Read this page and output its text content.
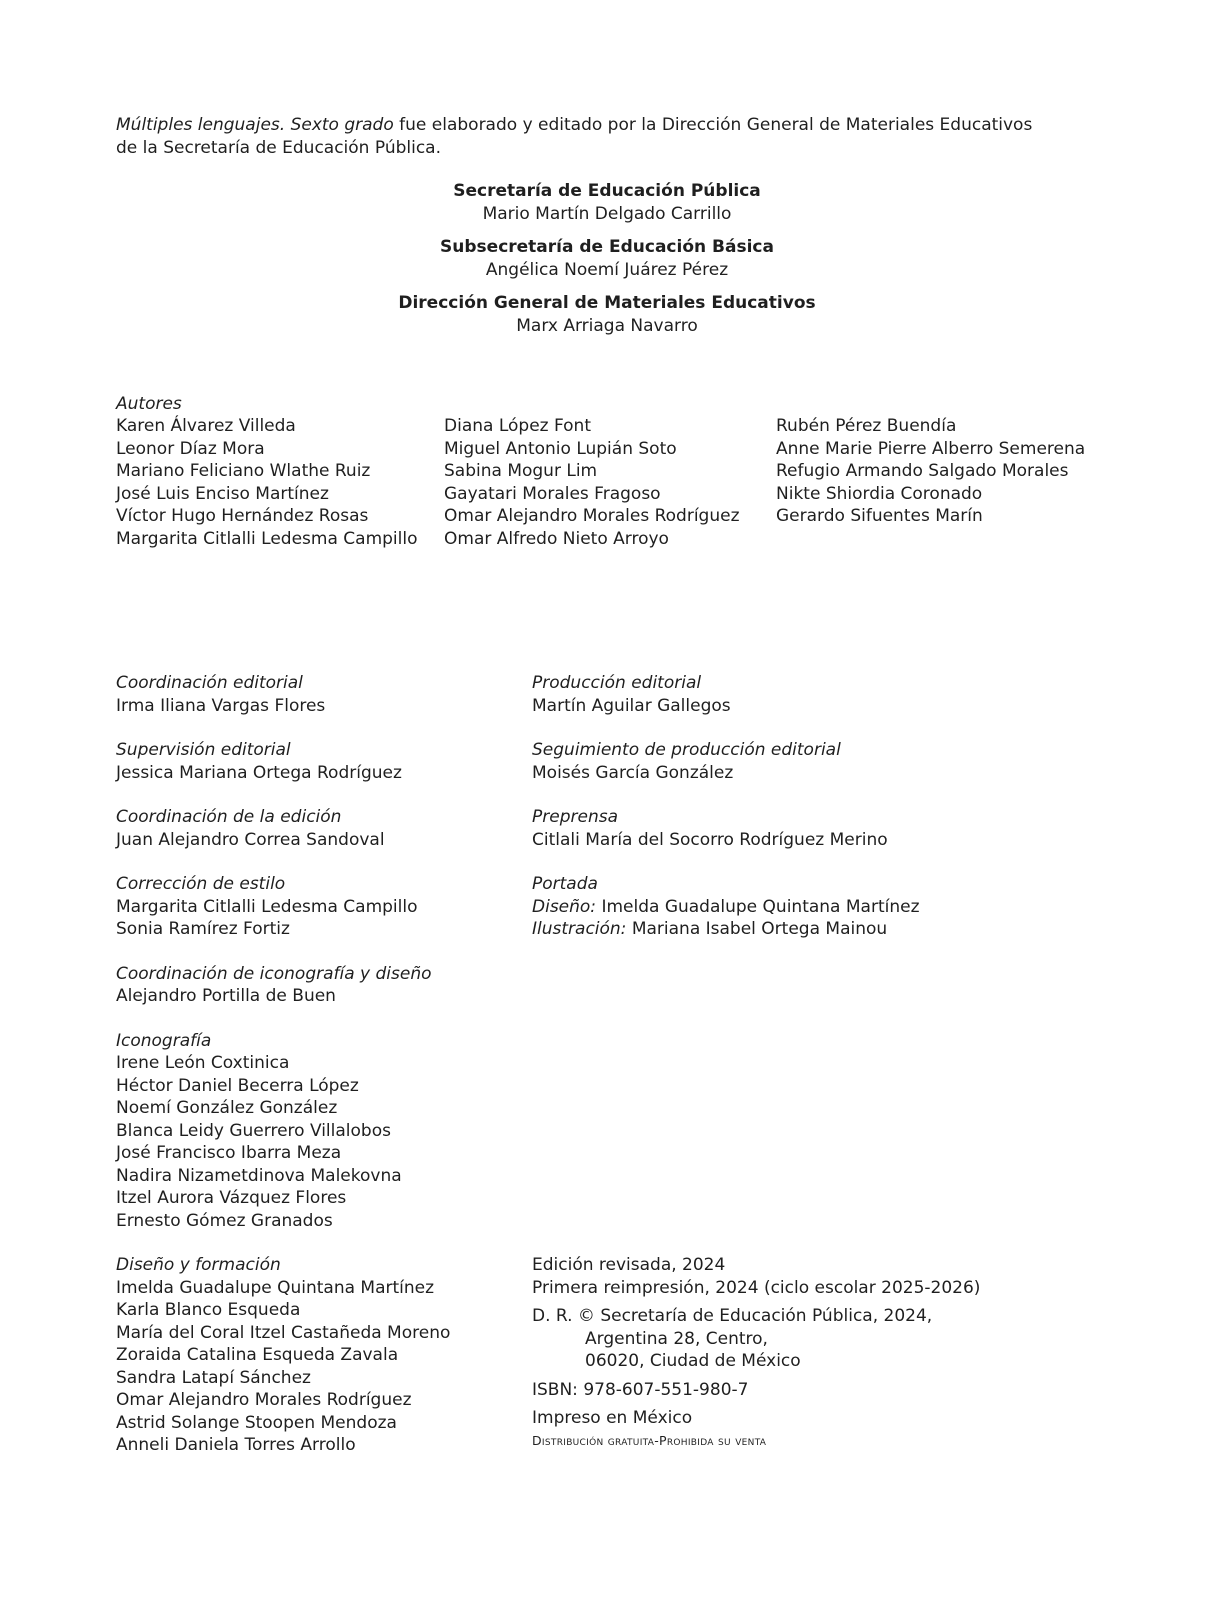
Múltiples lenguajes. Sexto grado fue elaborado y editado por la Dirección General de Materiales Educativos de la Secretaría de Educación Pública.
Secretaría de Educación Pública
Mario Martín Delgado Carrillo
Subsecretaría de Educación Básica
Angélica Noemí Juárez Pérez
Dirección General de Materiales Educativos
Marx Arriaga Navarro
Autores

Karen Álvarez Villeda

Leonor Díaz Mora

Mariano Feliciano Wlathe Ruiz

José Luis Enciso Martínez

Víctor Hugo Hernández Rosas

Margarita Citlalli Ledesma Campillo

Diana López Font

Miguel Antonio Lupián Soto

Sabina Mogur Lim

Gayatari Morales Fragoso

Omar Alejandro Morales Rodríguez

Omar Alfredo Nieto Arroyo

Rubén Pérez Buendía

Anne Marie Pierre Alberro Semerena

Refugio Armando Salgado Morales

Nikte Shiordia Coronado

Gerardo Sifuentes Marín

Coordinación editorial

Irma Iliana Vargas Flores

Supervisión editorial

Jessica Mariana Ortega Rodríguez

Coordinación de la edición

Juan Alejandro Correa Sandoval

Corrección de estilo

Margarita Citlalli Ledesma Campillo

Sonia Ramírez Fortiz

Coordinación de iconografía y diseño

Alejandro Portilla de Buen

Iconografía

Irene León Coxtinica

Héctor Daniel Becerra López

Noemí González González

Blanca Leidy Guerrero Villalobos

José Francisco Ibarra Meza

Nadira Nizametdinova Malekovna

Itzel Aurora Vázquez Flores

Ernesto Gómez Granados

Diseño y formación

Imelda Guadalupe Quintana Martínez

Karla Blanco Esqueda

María del Coral Itzel Castañeda Moreno

Zoraida Catalina Esqueda Zavala

Sandra Latapí Sánchez

Omar Alejandro Morales Rodríguez

Astrid Solange Stoopen Mendoza

Anneli Daniela Torres Arrollo

Producción editorial

Martín Aguilar Gallegos

Seguimiento de producción editorial

Moisés García González

Preprensa

Citlali María del Socorro Rodríguez Merino

Portada

Diseño: Imelda Guadalupe Quintana Martínez

Ilustración: Mariana Isabel Ortega Mainou

Edición revisada, 2024

Primera reimpresión, 2024 (ciclo escolar 2025-2026)

D. R. © Secretaría de Educación Pública, 2024,

Argentina 28, Centro,

06020, Ciudad de México

ISBN: 978-607-551-980-7

Impreso en México

Distribución gratuita-Prohibida su venta
